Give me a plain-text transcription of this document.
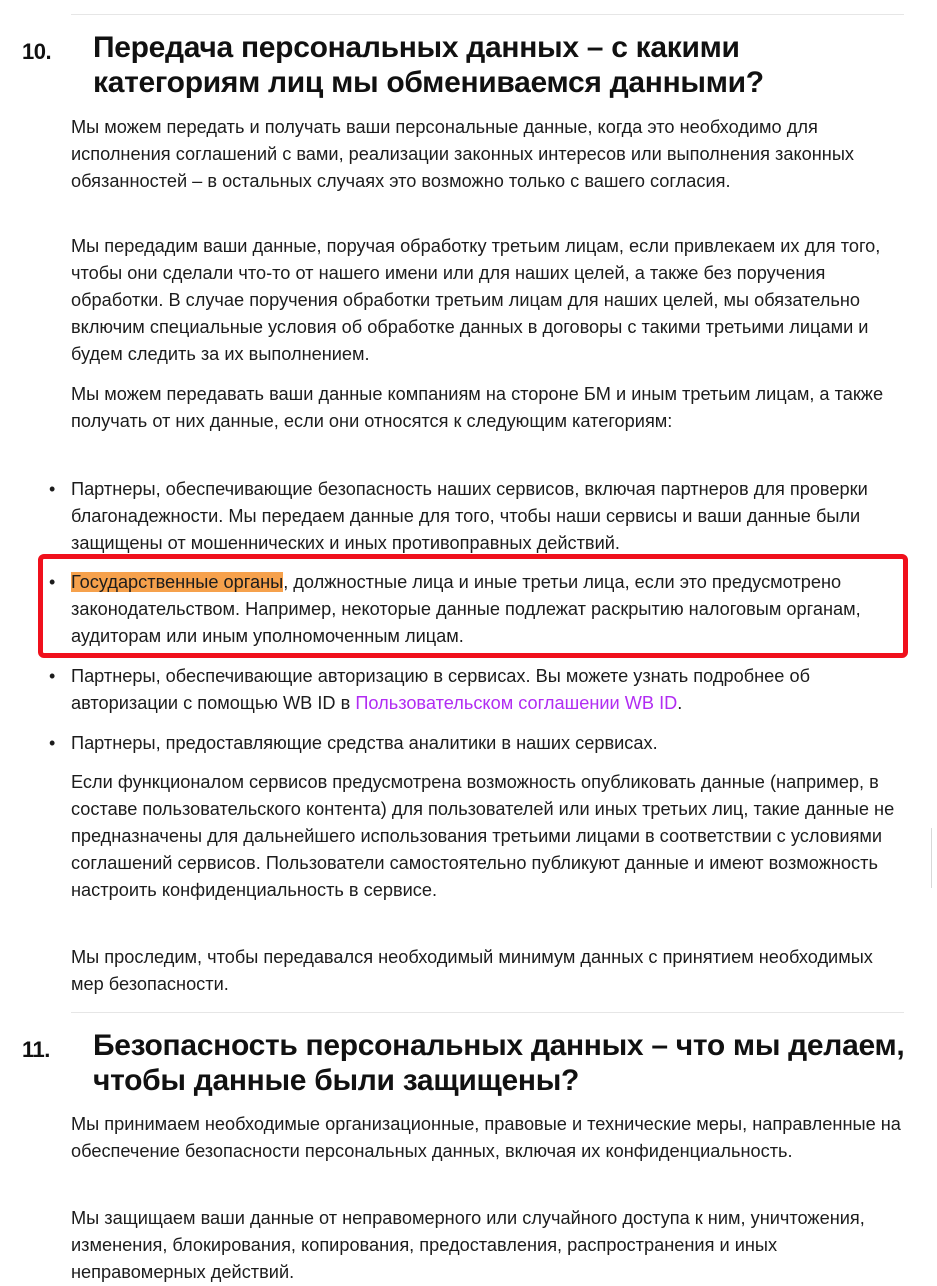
10. Передача персональных данных – с какими
категориям лиц мы обмениваемся данными?

Мы можем передать и получать ваши персональные данные, когда это необходимо для исполнения соглашений с вами, реализации законных интересов или выполнения законных обязанностей – в остальных случаях это возможно только с вашего согласия.

Мы передадим ваши данные, поручая обработку третьим лицам, если привлекаем их для того, чтобы они сделали что-то от нашего имени или для наших целей, а также без поручения обработки. В случае поручения обработки третьим лицам для наших целей, мы обязательно включим специальные условия об обработке данных в договоры с такими третьими лицами и будем следить за их выполнением.

Мы можем передавать ваши данные компаниям на стороне БМ и иным третьим лицам, а также получать от них данные, если они относятся к следующим категориям:

• Партнеры, обеспечивающие безопасность наших сервисов, включая партнеров для проверки благонадежности. Мы передаем данные для того, чтобы наши сервисы и ваши данные были защищены от мошеннических и иных противоправных действий.
• Государственные органы, должностные лица и иные третьи лица, если это предусмотрено законодательством. Например, некоторые данные подлежат раскрытию налоговым органам, аудиторам или иным уполномоченным лицам.
• Партнеры, обеспечивающие авторизацию в сервисах. Вы можете узнать подробнее об авторизации с помощью WB ID в Пользовательском соглашении WB ID.
• Партнеры, предоставляющие средства аналитики в наших сервисах.

Если функционалом сервисов предусмотрена возможность опубликовать данные (например, в составе пользовательского контента) для пользователей или иных третьих лиц, такие данные не предназначены для дальнейшего использования третьими лицами в соответствии с условиями соглашений сервисов. Пользователи самостоятельно публикуют данные и имеют возможность настроить конфиденциальность в сервисе.

Мы проследим, чтобы передавался необходимый минимум данных с принятием необходимых мер безопасности.

11. Безопасность персональных данных – что мы делаем,
чтобы данные были защищены?

Мы принимаем необходимые организационные, правовые и технические меры, направленные на обеспечение безопасности персональных данных, включая их конфиденциальность.

Мы защищаем ваши данные от неправомерного или случайного доступа к ним, уничтожения, изменения, блокирования, копирования, предоставления, распространения и иных неправомерных действий.
